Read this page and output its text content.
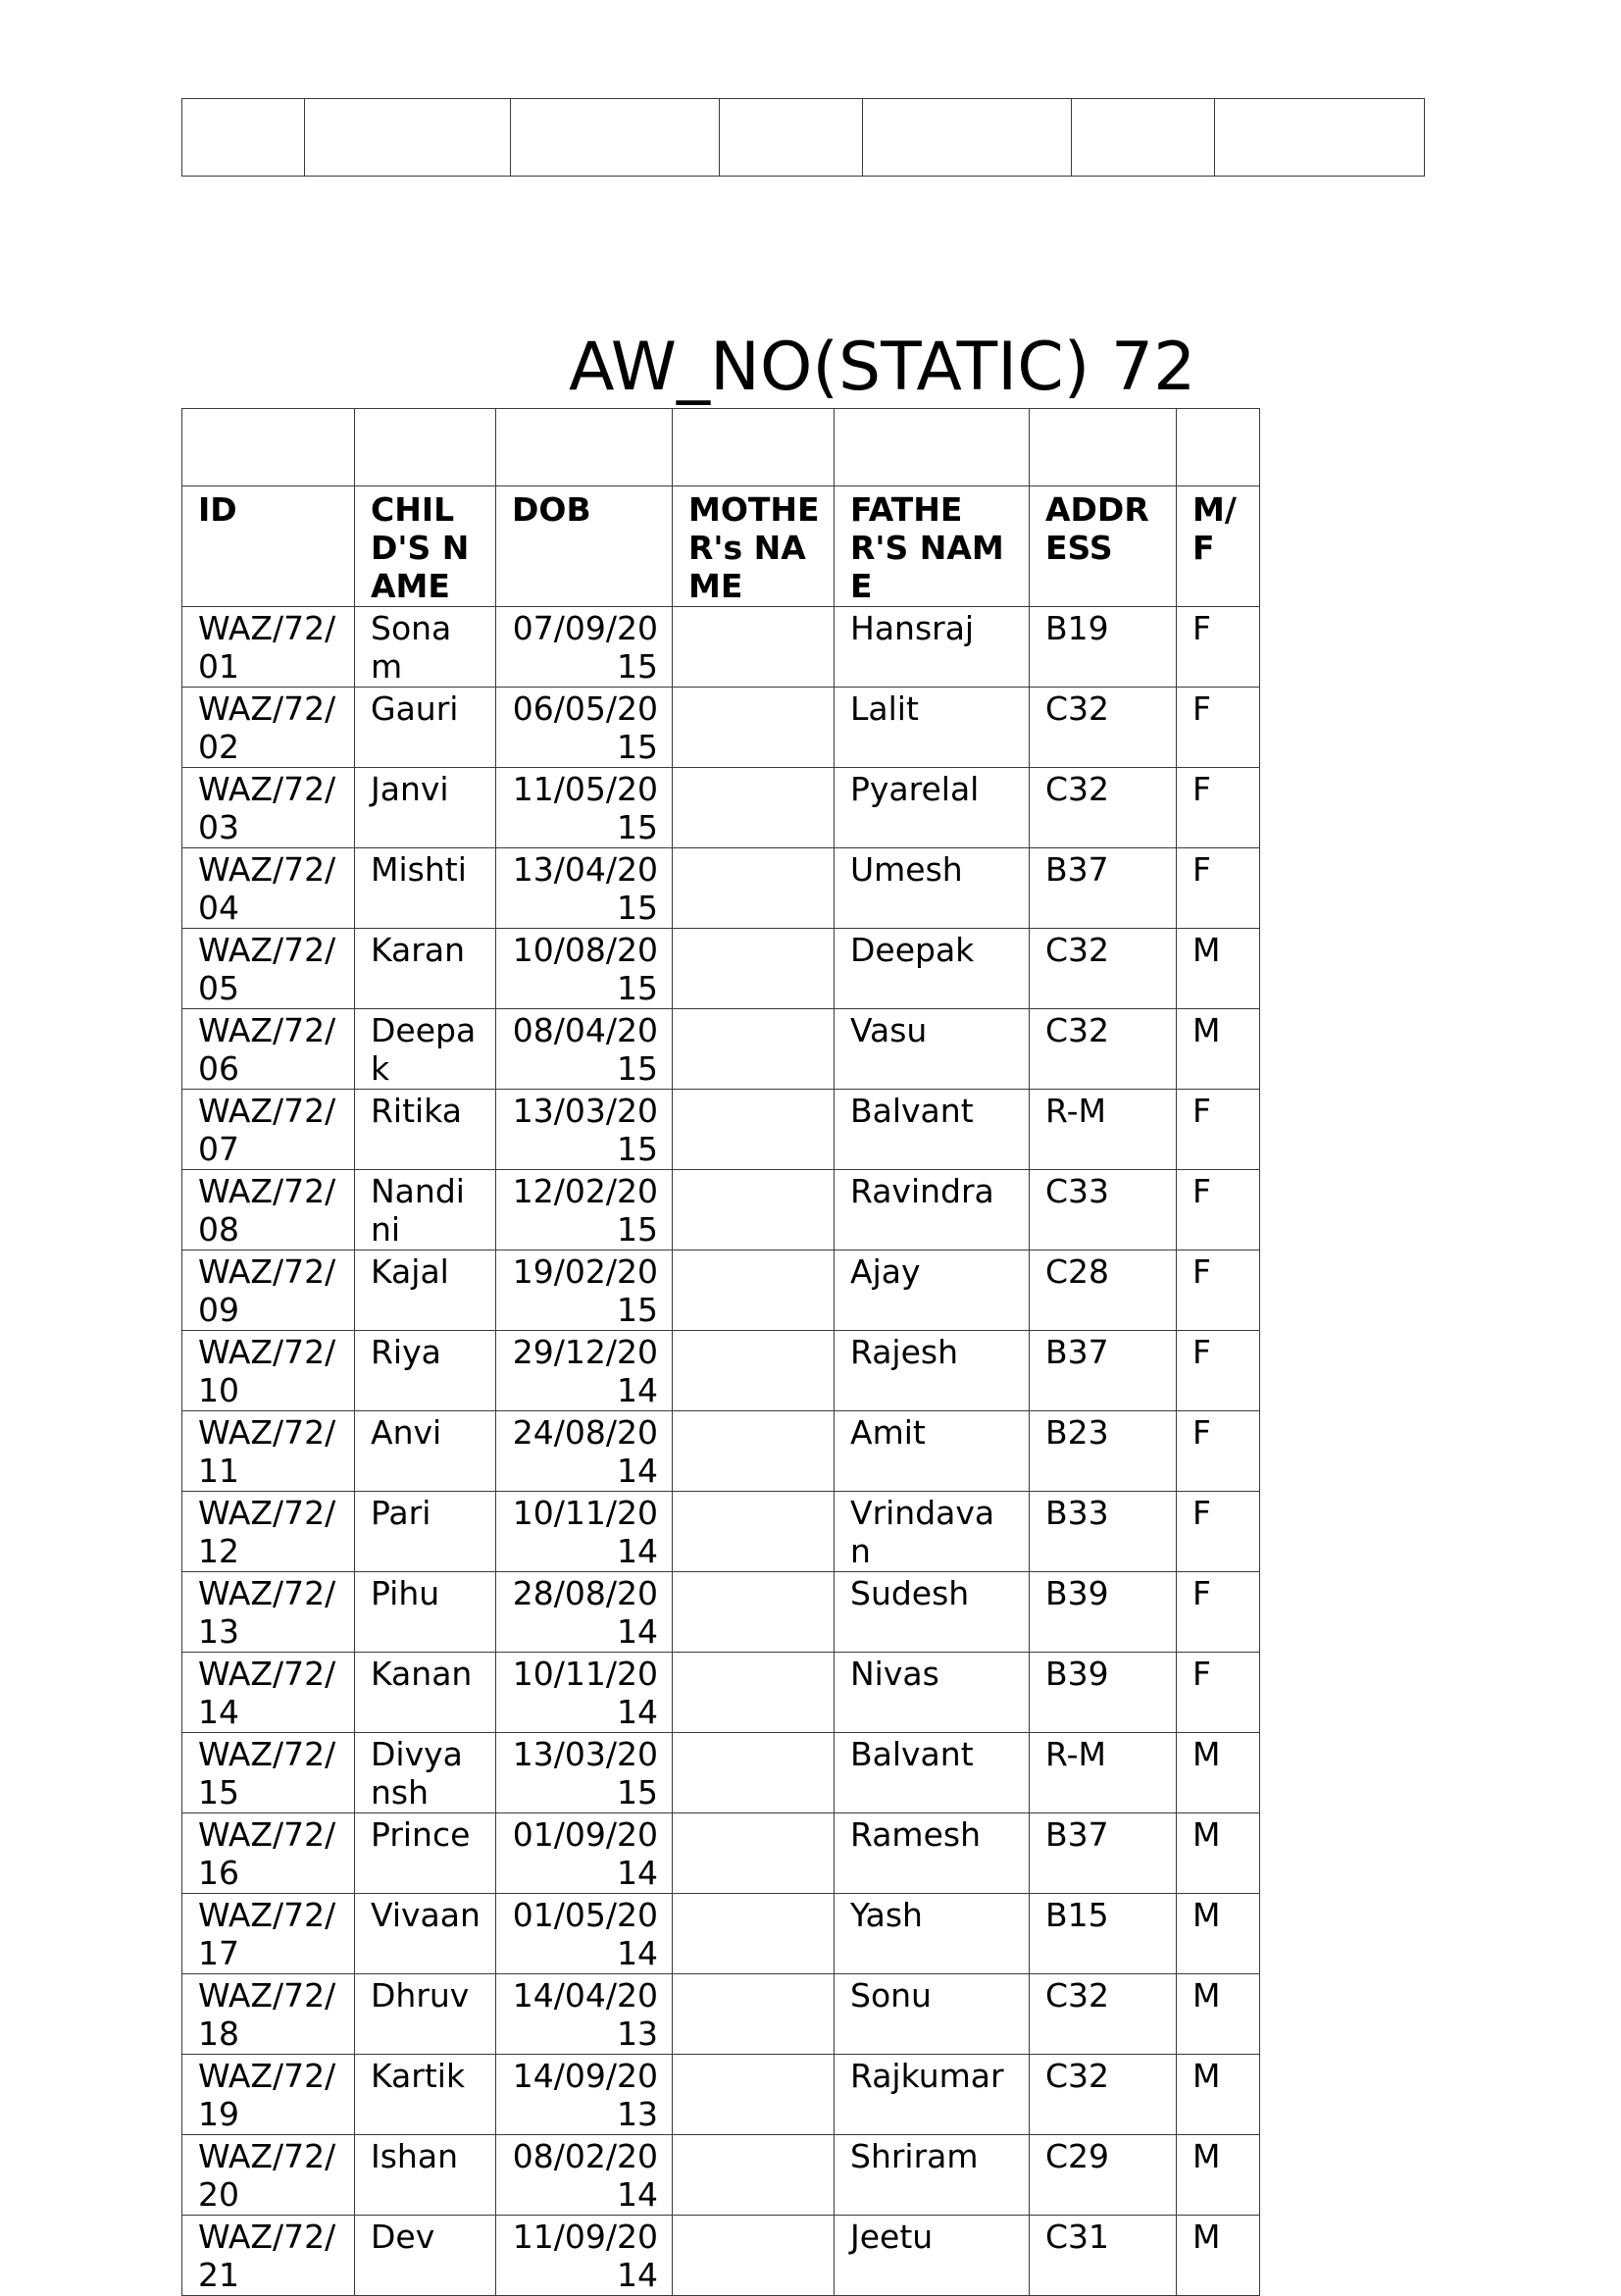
AW_NO(STATIC) 72

ID	CHILD'S NAME	DOB	MOTHER's NAME	FATHER'S NAME	ADDRESS	M/F
WAZ/72/01	Sonam	07/09/2015		Hansraj	B19	F
WAZ/72/02	Gauri	06/05/2015		Lalit	C32	F
WAZ/72/03	Janvi	11/05/2015		Pyarelal	C32	F
WAZ/72/04	Mishti	13/04/2015		Umesh	B37	F
WAZ/72/05	Karan	10/08/2015		Deepak	C32	M
WAZ/72/06	Deepak	08/04/2015		Vasu	C32	M
WAZ/72/07	Ritika	13/03/2015		Balvant	R-M	F
WAZ/72/08	Nandini	12/02/2015		Ravindra	C33	F
WAZ/72/09	Kajal	19/02/2015		Ajay	C28	F
WAZ/72/10	Riya	29/12/2014		Rajesh	B37	F
WAZ/72/11	Anvi	24/08/2014		Amit	B23	F
WAZ/72/12	Pari	10/11/2014		Vrindavan	B33	F
WAZ/72/13	Pihu	28/08/2014		Sudesh	B39	F
WAZ/72/14	Kanan	10/11/2014		Nivas	B39	F
WAZ/72/15	Divyansh	13/03/2015		Balvant	R-M	M
WAZ/72/16	Prince	01/09/2014		Ramesh	B37	M
WAZ/72/17	Vivaan	01/05/2014		Yash	B15	M
WAZ/72/18	Dhruv	14/04/2013		Sonu	C32	M
WAZ/72/19	Kartik	14/09/2013		Rajkumar	C32	M
WAZ/72/20	Ishan	08/02/2014		Shriram	C29	M
WAZ/72/21	Dev	11/09/2014		Jeetu	C31	M
